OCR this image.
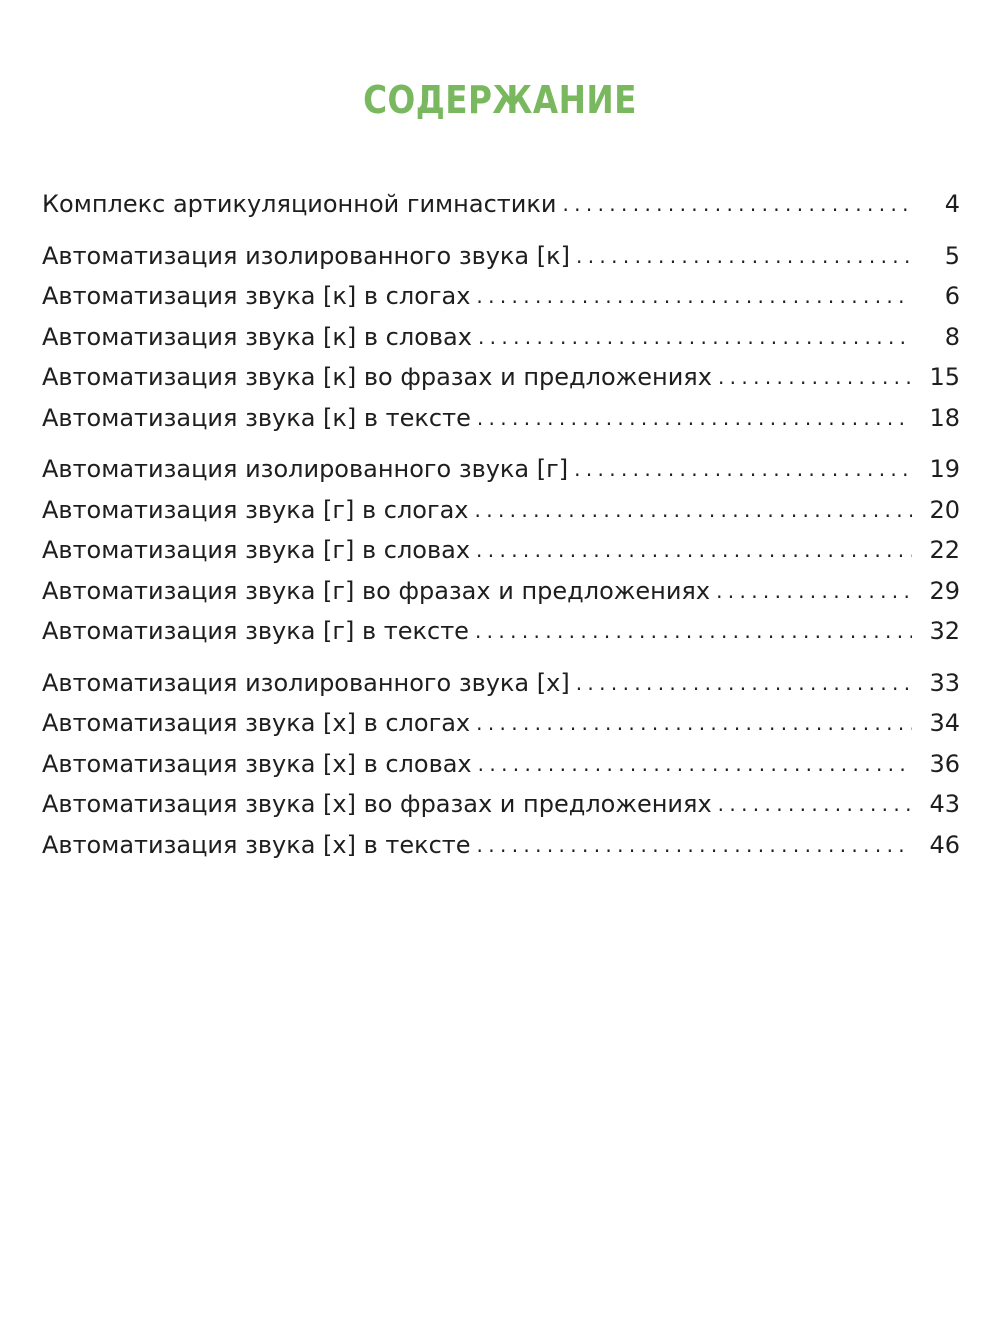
СОДЕРЖАНИЕ
Комплекс артикуляционной гимнастики . . .	4
Автоматизация изолированного звука [к] . . .	5
Автоматизация звука [к] в слогах . . .	6
Автоматизация звука [к] в словах . . .	8
Автоматизация звука [к] во фразах и предложениях . . .	15
Автоматизация звука [к] в тексте . . .	18
Автоматизация изолированного звука [г] . . .	19
Автоматизация звука [г] в слогах . . .	20
Автоматизация звука [г] в словах . . .	22
Автоматизация звука [г] во фразах и предложениях . . .	29
Автоматизация звука [г] в тексте . . .	32
Автоматизация изолированного звука [х] . . .	33
Автоматизация звука [х] в слогах . . .	34
Автоматизация звука [х] в словах . . .	36
Автоматизация звука [х] во фразах и предложениях . . .	43
Автоматизация звука [х] в тексте . . .	46
